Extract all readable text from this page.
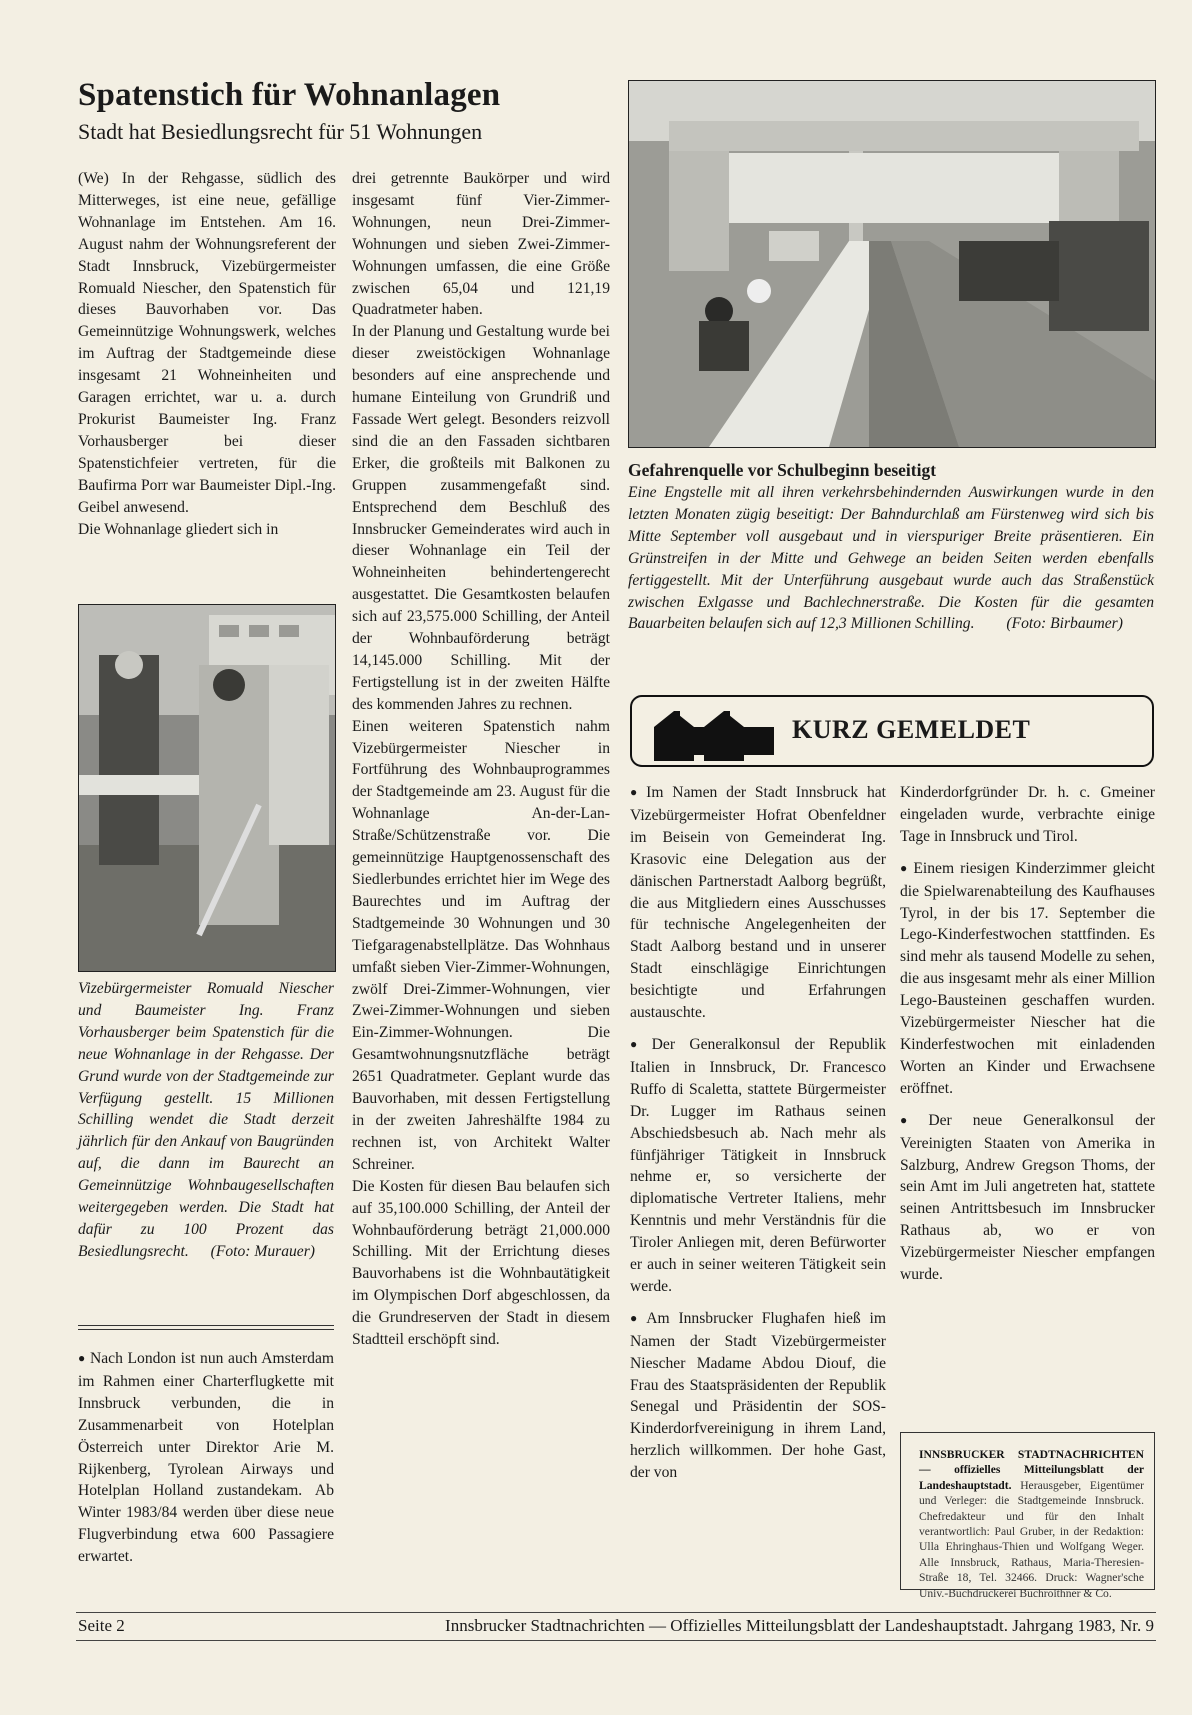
Spatenstich für Wohnanlagen
Stadt hat Besiedlungsrecht für 51 Wohnungen

(We) In der Rehgasse, südlich des Mitterweges, ist eine neue, gefällige Wohnanlage im Entstehen. Am 16. August nahm der Wohnungsreferent der Stadt Innsbruck, Vizebürgermeister Romuald Niescher, den Spatenstich für dieses Bauvorhaben vor. Das Gemeinnützige Wohnungswerk, welches im Auftrag der Stadtgemeinde diese insgesamt 21 Wohneinheiten und Garagen errichtet, war u. a. durch Prokurist Baumeister Ing. Franz Vorhausberger bei dieser Spatenstichfeier vertreten, für die Baufirma Porr war Baumeister Dipl.-Ing. Geibel anwesend.

Die Wohnanlage gliedert sich in

Vizebürgermeister Romuald Niescher und Baumeister Ing. Franz Vorhausberger beim Spatenstich für die neue Wohnanlage in der Rehgasse. Der Grund wurde von der Stadtgemeinde zur Verfügung gestellt. 15 Millionen Schilling wendet die Stadt derzeit jährlich für den Ankauf von Baugründen auf, die dann im Baurecht an Gemeinnützige Wohnbaugesellschaften weitergegeben werden. Die Stadt hat dafür zu 100 Prozent das Besiedlungsrecht. (Foto: Murauer)

● Nach London ist nun auch Amsterdam im Rahmen einer Charterflugkette mit Innsbruck verbunden, die in Zusammenarbeit von Hotelplan Österreich unter Direktor Arie M. Rijkenberg, Tyrolean Airways und Hotelplan Holland zustandekam. Ab Winter 1983/84 werden über diese neue Flugverbindung etwa 600 Passagiere erwartet.

drei getrennte Baukörper und wird insgesamt fünf Vier-Zimmer-Wohnungen, neun Drei-Zimmer-Wohnungen und sieben Zwei-Zimmer-Wohnungen umfassen, die eine Größe zwischen 65,04 und 121,19 Quadratmeter haben.

In der Planung und Gestaltung wurde bei dieser zweistöckigen Wohnanlage besonders auf eine ansprechende und humane Einteilung von Grundriß und Fassade Wert gelegt. Besonders reizvoll sind die an den Fassaden sichtbaren Erker, die großteils mit Balkonen zu Gruppen zusammengefaßt sind. Entsprechend dem Beschluß des Innsbrucker Gemeinderates wird auch in dieser Wohnanlage ein Teil der Wohneinheiten behindertengerecht ausgestattet. Die Gesamtkosten belaufen sich auf 23,575.000 Schilling, der Anteil der Wohnbauförderung beträgt 14,145.000 Schilling. Mit der Fertigstellung ist in der zweiten Hälfte des kommenden Jahres zu rechnen.

Einen weiteren Spatenstich nahm Vizebürgermeister Niescher in Fortführung des Wohnbauprogrammes der Stadtgemeinde am 23. August für die Wohnanlage An-der-Lan-Straße/Schützenstraße vor. Die gemeinnützige Hauptgenossenschaft des Siedlerbundes errichtet hier im Wege des Baurechtes und im Auftrag der Stadtgemeinde 30 Wohnungen und 30 Tiefgaragenabstellplätze. Das Wohnhaus umfaßt sieben Vier-Zimmer-Wohnungen, zwölf Drei-Zimmer-Wohnungen, vier Zwei-Zimmer-Wohnungen und sieben Ein-Zimmer-Wohnungen. Die Gesamtwohnungsnutzfläche beträgt 2651 Quadratmeter. Geplant wurde das Bauvorhaben, mit dessen Fertigstellung in der zweiten Jahreshälfte 1984 zu rechnen ist, von Architekt Walter Schreiner.

Die Kosten für diesen Bau belaufen sich auf 35,100.000 Schilling, der Anteil der Wohnbauförderung beträgt 21,000.000 Schilling. Mit der Errichtung dieses Bauvorhabens ist die Wohnbautätigkeit im Olympischen Dorf abgeschlossen, da die Grundreserven der Stadt in diesem Stadtteil erschöpft sind.

Gefahrenquelle vor Schulbeginn beseitigt
Eine Engstelle mit all ihren verkehrsbehindernden Auswirkungen wurde in den letzten Monaten zügig beseitigt: Der Bahndurchlaß am Fürstenweg wird sich bis Mitte September voll ausgebaut und in vierspuriger Breite präsentieren. Ein Grünstreifen in der Mitte und Gehwege an beiden Seiten werden ebenfalls fertiggestellt. Mit der Unterführung ausgebaut wurde auch das Straßenstück zwischen Exlgasse und Bachlechnerstraße. Die Kosten für die gesamten Bauarbeiten belaufen sich auf 12,3 Millionen Schilling. (Foto: Birbaumer)
KURZ GEMELDET

● Im Namen der Stadt Innsbruck hat Vizebürgermeister Hofrat Obenfeldner im Beisein von Gemeinderat Ing. Krasovic eine Delegation aus der dänischen Partnerstadt Aalborg begrüßt, die aus Mitgliedern eines Ausschusses für technische Angelegenheiten der Stadt Aalborg bestand und in unserer Stadt einschlägige Einrichtungen besichtigte und Erfahrungen austauschte.

● Der Generalkonsul der Republik Italien in Innsbruck, Dr. Francesco Ruffo di Scaletta, stattete Bürgermeister Dr. Lugger im Rathaus seinen Abschiedsbesuch ab. Nach mehr als fünfjähriger Tätigkeit in Innsbruck nehme er, so versicherte der diplomatische Vertreter Italiens, mehr Kenntnis und mehr Verständnis für die Tiroler Anliegen mit, deren Befürworter er auch in seiner weiteren Tätigkeit sein werde.

● Am Innsbrucker Flughafen hieß im Namen der Stadt Vizebürgermeister Niescher Madame Abdou Diouf, die Frau des Staatspräsidenten der Republik Senegal und Präsidentin der SOS-Kinderdorfvereinigung in ihrem Land, herzlich willkommen. Der hohe Gast, der von

Kinderdorfgründer Dr. h. c. Gmeiner eingeladen wurde, verbrachte einige Tage in Innsbruck und Tirol.

● Einem riesigen Kinderzimmer gleicht die Spielwarenabteilung des Kaufhauses Tyrol, in der bis 17. September die Lego-Kinderfestwochen stattfinden. Es sind mehr als tausend Modelle zu sehen, die aus insgesamt mehr als einer Million Lego-Bausteinen geschaffen wurden. Vizebürgermeister Niescher hat die Kinderfestwochen mit einladenden Worten an Kinder und Erwachsene eröffnet.

● Der neue Generalkonsul der Vereinigten Staaten von Amerika in Salzburg, Andrew Gregson Thoms, der sein Amt im Juli angetreten hat, stattete seinen Antrittsbesuch im Innsbrucker Rathaus ab, wo er von Vizebürgermeister Niescher empfangen wurde.

INNSBRUCKER STADTNACHRICHTEN — offizielles Mitteilungsblatt der Landeshauptstadt. Herausgeber, Eigentümer und Verleger: die Stadtgemeinde Innsbruck. Chefredakteur und für den Inhalt verantwortlich: Paul Gruber, in der Redaktion: Ulla Ehringhaus-Thien und Wolfgang Weger. Alle Innsbruck, Rathaus, Maria-Theresien-Straße 18, Tel. 32466. Druck: Wagner'sche Univ.-Buchdruckerei Buchroithner & Co.
Seite 2	Innsbrucker Stadtnachrichten — Offizielles Mitteilungsblatt der Landeshauptstadt. Jahrgang 1983, Nr. 9
